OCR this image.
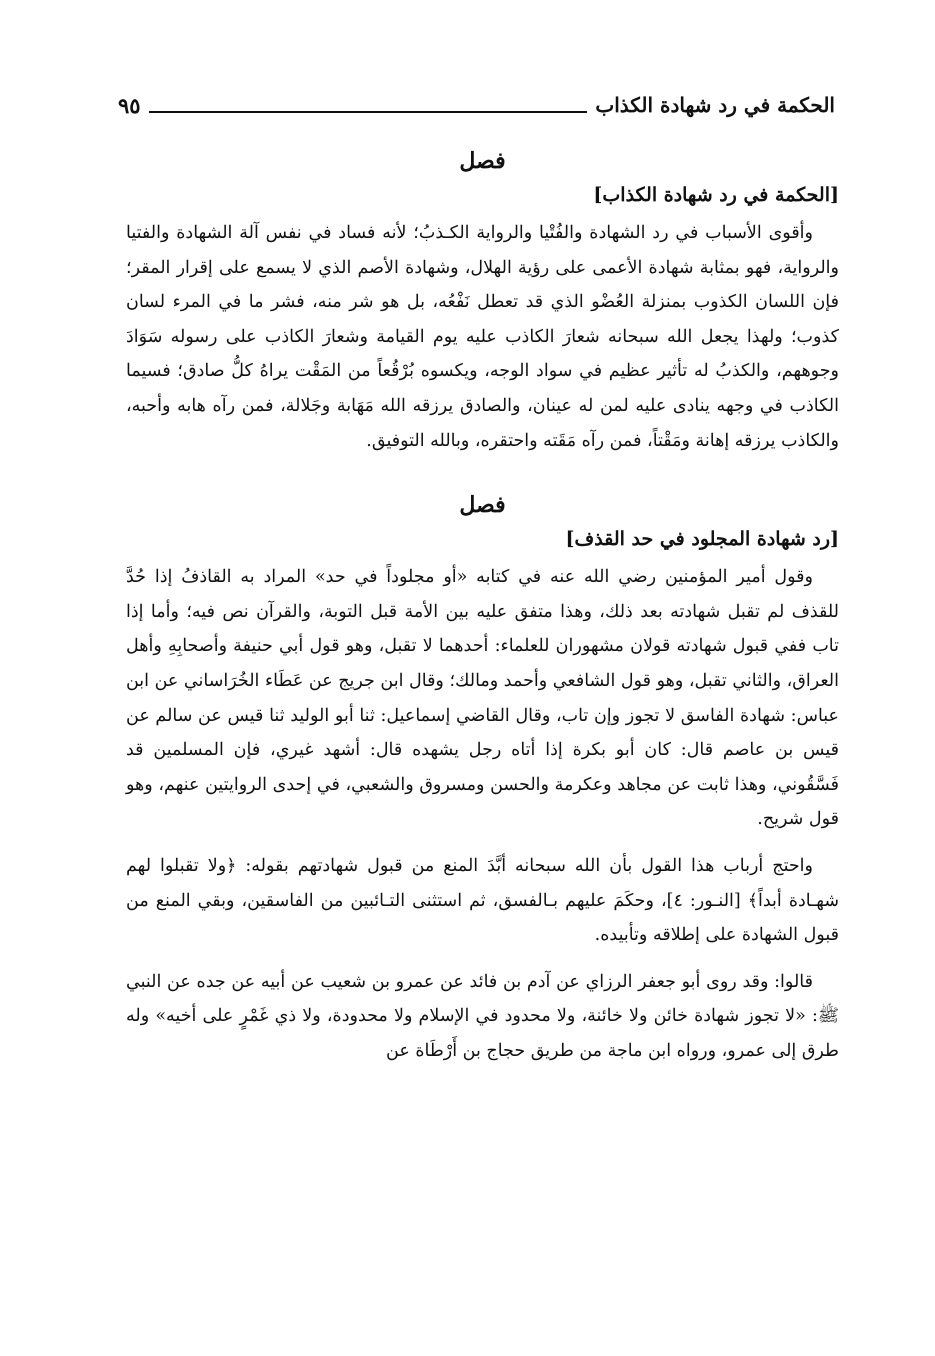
الحكمة في رد شهادة الكذاب
٩٥
فصل
[الحكمة في رد شهادة الكذاب]

وأقوى الأسباب في رد الشهادة والفُتْيا والرواية الكـذبُ؛ لأنه فساد في نفس آلة الشهادة والفتيا والرواية، فهو بمثابة شهادة الأعمى على رؤية الهلال، وشهادة الأصم الذي لا يسمع على إقرار المقر؛ فإن اللسان الكذوب بمنزلة العُضْو الذي قد تعطل نَفْعُه، بل هو شر منه، فشر ما في المرء لسان كذوب؛ ولهذا يجعل الله سبحانه شعارَ الكاذب عليه يوم القيامة وشعارَ الكاذب على رسوله سَوَادَ وجوههم، والكذبُ له تأثير عظيم في سواد الوجه، ويكسوه بُرْقُعاً من المَقْت يراهُ كلُّ صادق؛ فسيما الكاذب في وجهه ينادى عليه لمن له عينان، والصادق يرزقه الله مَهَابة وجَلالة، فمن رآه هابه وأحبه، والكاذب يرزقه إهانة ومَقْتاً، فمن رآه مَقَته واحتقره، وبالله التوفيق.

فصل
[رد شهادة المجلود في حد القذف]

وقول أمير المؤمنين رضي الله عنه في كتابه «أو مجلوداً في حد» المراد به القاذفُ إذا حُدَّ للقذف لم تقبل شهادته بعد ذلك، وهذا متفق عليه بين الأمة قبل التوبة، والقرآن نص فيه؛ وأما إذا تاب ففي قبول شهادته قولان مشهوران للعلماء: أحدهما لا تقبل، وهو قول أبي حنيفة وأصحابِهِ وأهل العراق، والثاني تقبل، وهو قول الشافعي وأحمد ومالك؛ وقال ابن جريج عن عَطَاء الخُرَاساني عن ابن عباس: شهادة الفاسق لا تجوز وإن تاب، وقال القاضي إسماعيل: ثنا أبو الوليد ثنا قيس عن سالم عن قيس بن عاصم قال: كان أبو بكرة إذا أتاه رجل يشهده قال: أشهد غيري، فإن المسلمين قد فَسَّقُوني، وهذا ثابت عن مجاهد وعكرمة والحسن ومسروق والشعبي، في إحدى الروايتين عنهم، وهو قول شريح.

واحتج أرباب هذا القول بأن الله سبحانه أبَّدَ المنع من قبول شهادتهم بقوله: ﴿ولا تقبلوا لهم شهـادة أبداً﴾ [النـور: ٤]، وحكَمَ عليهم بـالفسق، ثم استثنى التـائبين من الفاسقين، وبقي المنع من قبول الشهادة على إطلاقه وتأبيده.

قالوا: وقد روى أبو جعفر الرزاي عن آدم بن فائد عن عمرو بن شعيب عن أبيه عن جده عن النبي ﷺ: «لا تجوز شهادة خائن ولا خائنة، ولا محدود في الإسلام ولا محدودة، ولا ذي غَمْرٍ على أخيه» وله طرق إلى عمرو، ورواه ابن ماجة من طريق حجاج بن أَرْطَاة عن
